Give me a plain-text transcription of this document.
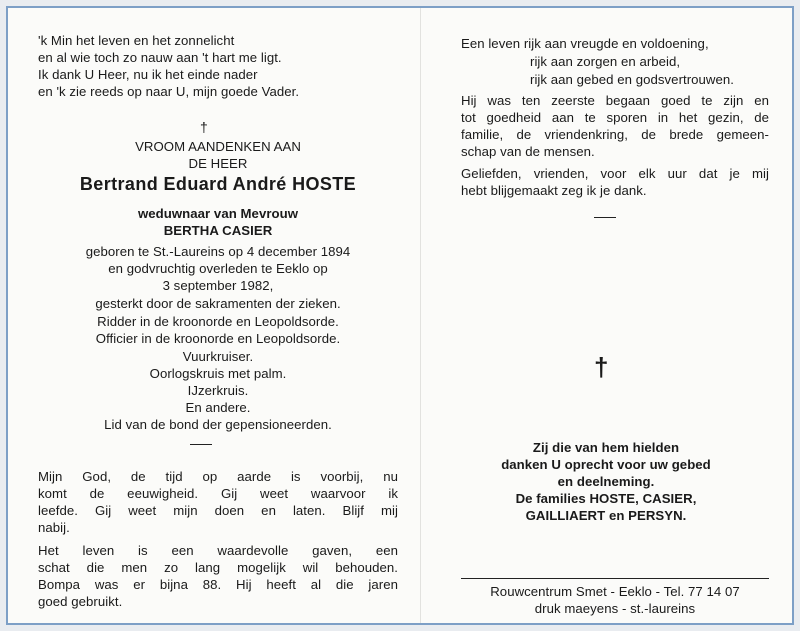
'k Min het leven en het zonnelicht
en al wie toch zo nauw aan 't hart me ligt.
Ik dank U Heer, nu ik het einde nader
en 'k zie reeds op naar U, mijn goede Vader.
†
VROOM AANDENKEN AAN
DE HEER
Bertrand Eduard André HOSTE
weduwnaar van Mevrouw
BERTHA CASIER
geboren te St.-Laureins op 4 december 1894
en godvruchtig overleden te Eeklo op
3 september 1982,
gesterkt door de sakramenten der zieken.
Ridder in de kroonorde en Leopoldsorde.
Officier in de kroonorde en Leopoldsorde.
Vuurkruiser.
Oorlogskruis met palm.
IJzerkruis.
En andere.
Lid van de bond der gepensioneerden.
Mijn God, de tijd op aarde is voorbij, nu
komt de eeuwigheid. Gij weet waarvoor ik
leefde. Gij weet mijn doen en laten. Blijf mij
nabij.
Het leven is een waardevolle gaven, een
schat die men zo lang mogelijk wil behouden.
Bompa was er bijna 88. Hij heeft al die jaren
goed gebruikt.
Een leven rijk aan vreugde en voldoening,
rijk aan zorgen en arbeid,
rijk aan gebed en godsvertrouwen.
Hij was ten zeerste begaan goed te zijn en
tot goedheid aan te sporen in het gezin, de
familie, de vriendenkring, de brede gemeen-
schap van de mensen.
Geliefden, vrienden, voor elk uur dat je mij
hebt blijgemaakt zeg ik je dank.
†
Zij die van hem hielden
danken U oprecht voor uw gebed
en deelneming.
De families HOSTE, CASIER,
GAILLIAERT en PERSYN.
Rouwcentrum Smet - Eeklo - Tel. 77 14 07
druk maeyens - st.-laureins
